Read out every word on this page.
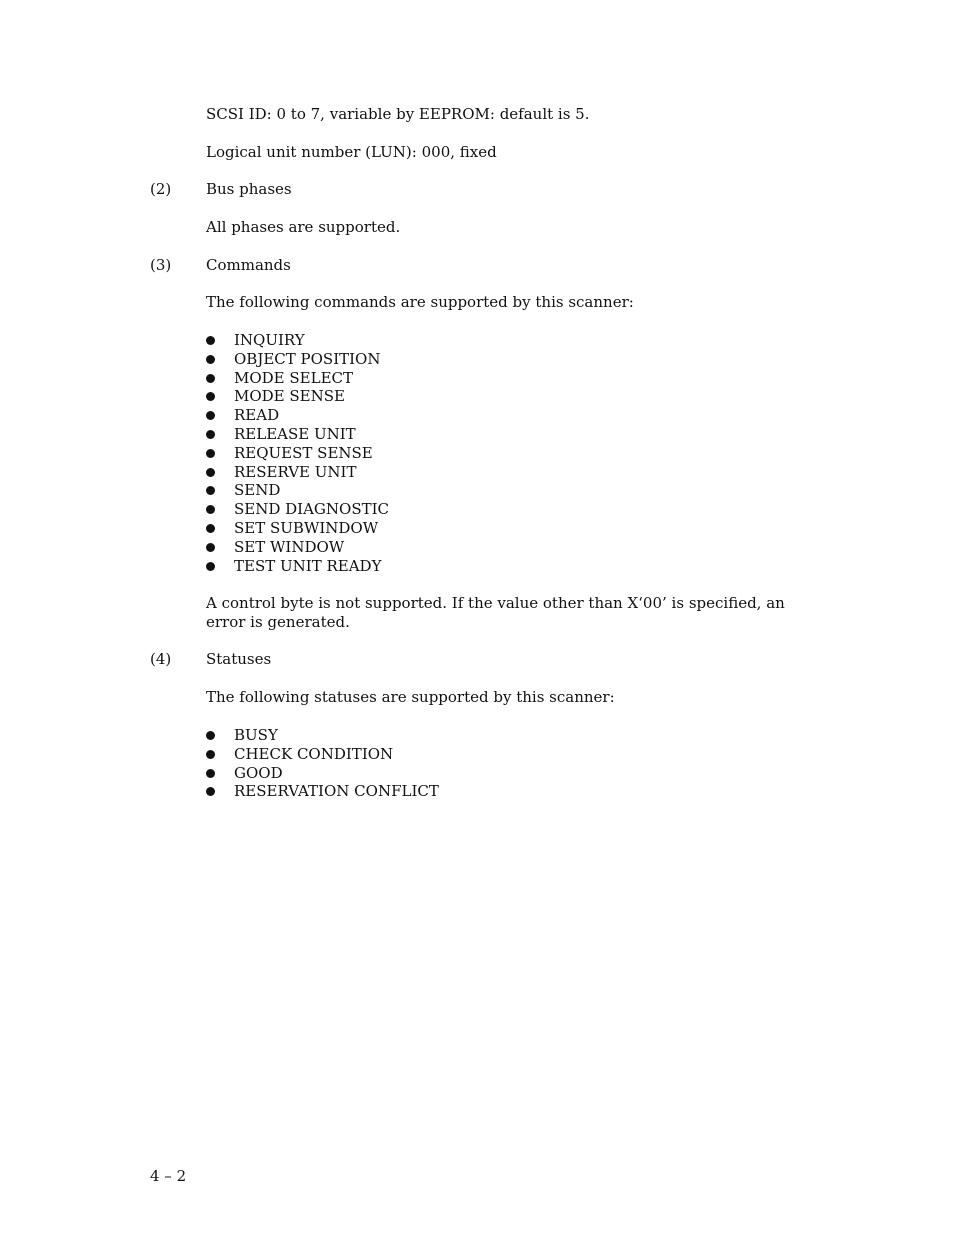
SCSI ID: 0 to 7, variable by EEPROM: default is 5.
Logical unit number (LUN): 000, fixed
(2) Bus phases
All phases are supported.
(3) Commands
The following commands are supported by this scanner:
INQUIRY
OBJECT POSITION
MODE SELECT
MODE SENSE
READ
RELEASE UNIT
REQUEST SENSE
RESERVE UNIT
SEND
SEND DIAGNOSTIC
SET SUBWINDOW
SET WINDOW
TEST UNIT READY
A control byte is not supported. If the value other than X‘00’ is specified, an error is generated.
(4) Statuses
The following statuses are supported by this scanner:
BUSY
CHECK CONDITION
GOOD
RESERVATION CONFLICT
4 – 2
